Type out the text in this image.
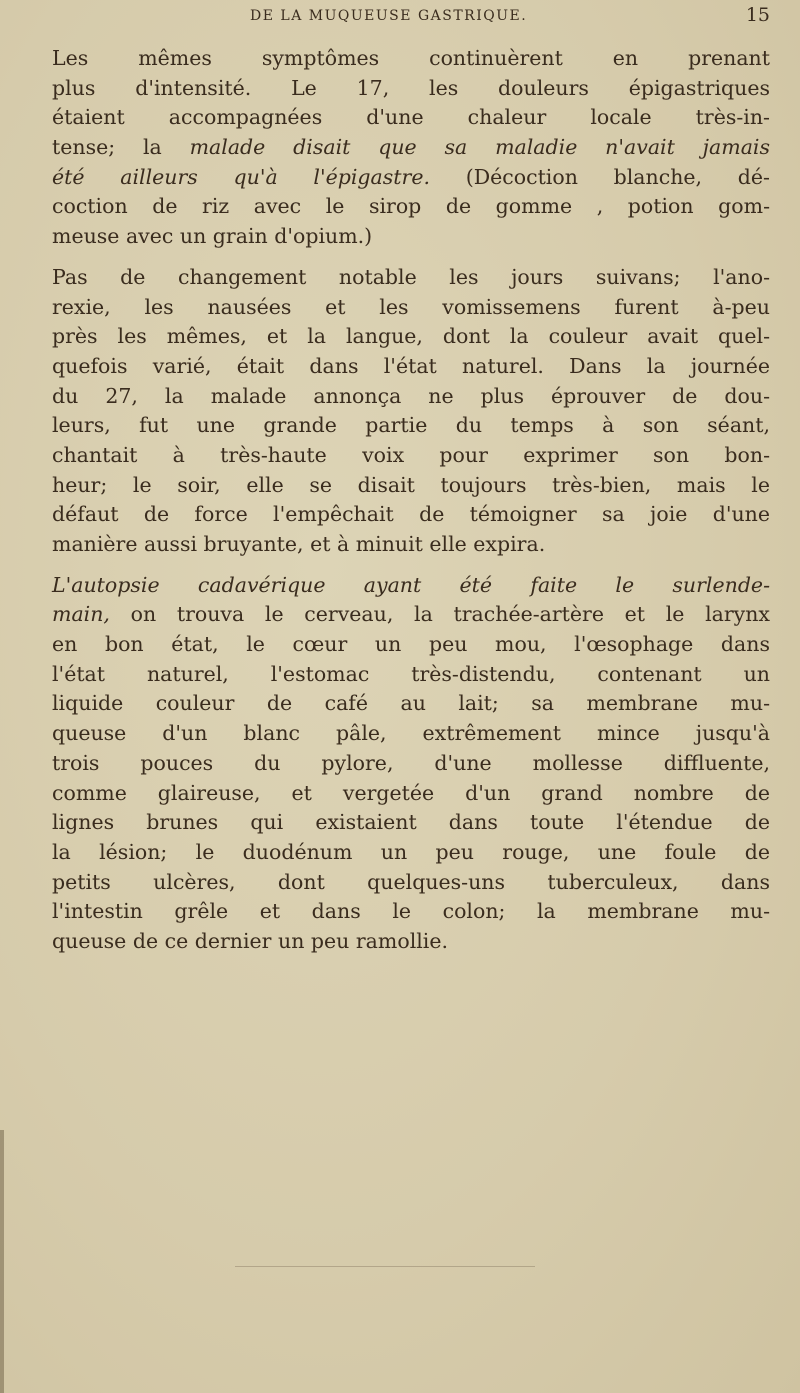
DE LA MUQUEUSE GASTRIQUE.	15
Les mêmes symptômes continuèrent en prenant
plus d'intensité. Le 17, les douleurs épigastriques
étaient accompagnées d'une chaleur locale très-in-
tense; la malade disait que sa maladie n'avait jamais
été ailleurs qu'à l'épigastre. (Décoction blanche, dé-
coction de riz avec le sirop de gomme , potion gom-
meuse avec un grain d'opium.)
Pas de changement notable les jours suivans; l'ano-
rexie, les nausées et les vomissemens furent à-peu
près les mêmes, et la langue, dont la couleur avait quel-
quefois varié, était dans l'état naturel. Dans la journée
du 27, la malade annonça ne plus éprouver de dou-
leurs, fut une grande partie du temps à son séant,
chantait à très-haute voix pour exprimer son bon-
heur; le soir, elle se disait toujours très-bien, mais le
défaut de force l'empêchait de témoigner sa joie d'une
manière aussi bruyante, et à minuit elle expira.
L'autopsie cadavérique ayant été faite le surlende-
main, on trouva le cerveau, la trachée-artère et le larynx
en bon état, le cœur un peu mou, l'œsophage dans
l'état naturel, l'estomac très-distendu, contenant un
liquide couleur de café au lait; sa membrane mu-
queuse d'un blanc pâle, extrêmement mince jusqu'à
trois pouces du pylore, d'une mollesse diffluente,
comme glaireuse, et vergetée d'un grand nombre de
lignes brunes qui existaient dans toute l'étendue de
la lésion; le duodénum un peu rouge, une foule de
petits ulcères, dont quelques-uns tuberculeux, dans
l'intestin grêle et dans le colon; la membrane mu-
queuse de ce dernier un peu ramollie.
